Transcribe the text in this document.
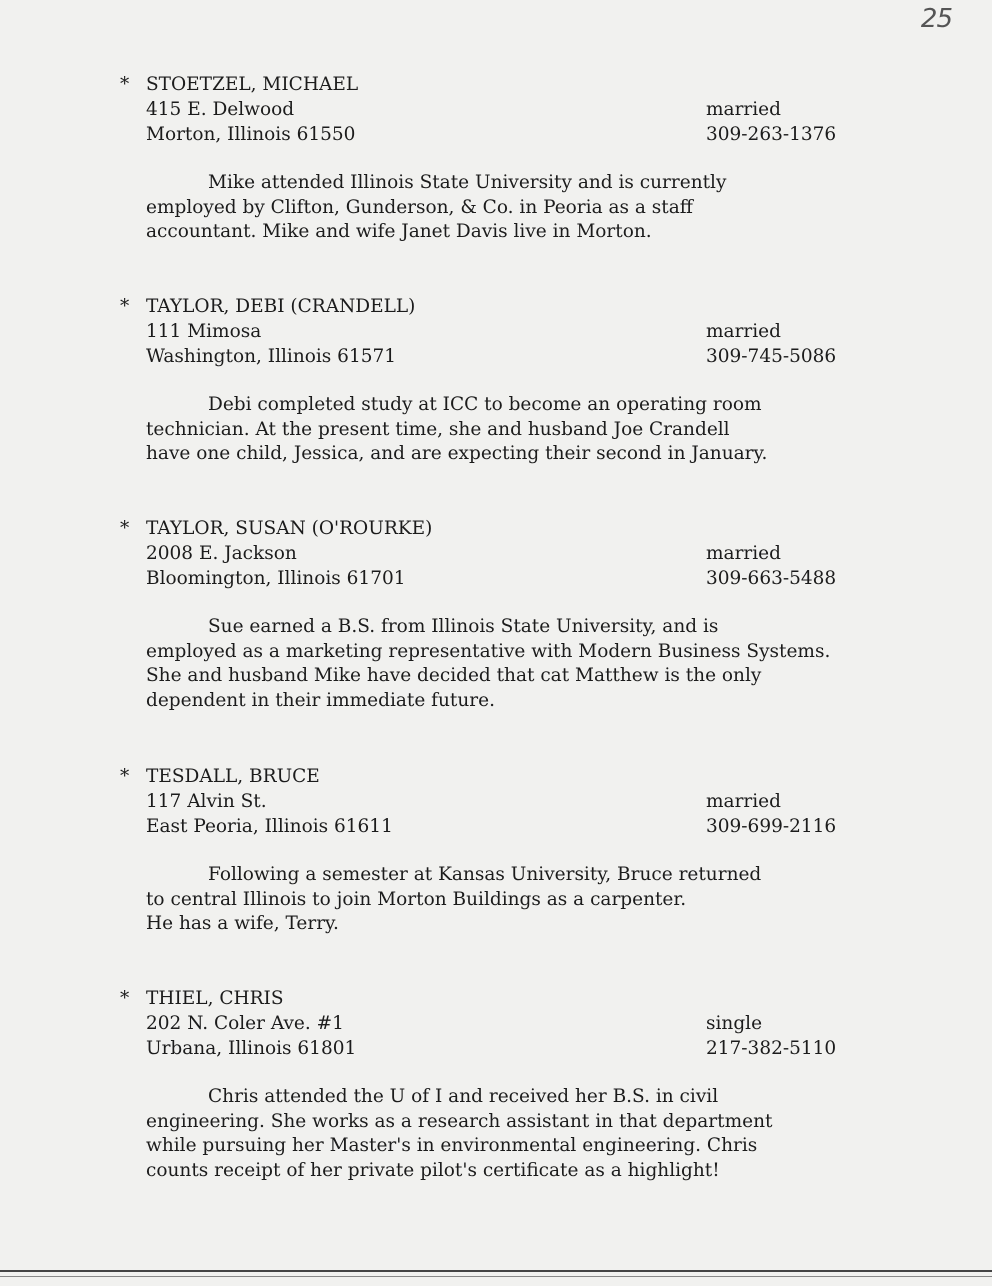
25
* STOETZEL, MICHAEL
415 E. Delwood	married
Morton, Illinois 61550	309-263-1376
Mike attended Illinois State University and is currently
employed by Clifton, Gunderson, & Co. in Peoria as a staff
accountant. Mike and wife Janet Davis live in Morton.
* TAYLOR, DEBI (CRANDELL)
111 Mimosa	married
Washington, Illinois 61571	309-745-5086
Debi completed study at ICC to become an operating room
technician. At the present time, she and husband Joe Crandell
have one child, Jessica, and are expecting their second in January.
* TAYLOR, SUSAN (O'ROURKE)
2008 E. Jackson	married
Bloomington, Illinois 61701	309-663-5488
Sue earned a B.S. from Illinois State University, and is
employed as a marketing representative with Modern Business Systems.
She and husband Mike have decided that cat Matthew is the only
dependent in their immediate future.
* TESDALL, BRUCE
117 Alvin St.	married
East Peoria, Illinois 61611	309-699-2116
Following a semester at Kansas University, Bruce returned
to central Illinois to join Morton Buildings as a carpenter.
He has a wife, Terry.
* THIEL, CHRIS
202 N. Coler Ave. #1	single
Urbana, Illinois 61801	217-382-5110
Chris attended the U of I and received her B.S. in civil
engineering. She works as a research assistant in that department
while pursuing her Master's in environmental engineering. Chris
counts receipt of her private pilot's certificate as a highlight!
